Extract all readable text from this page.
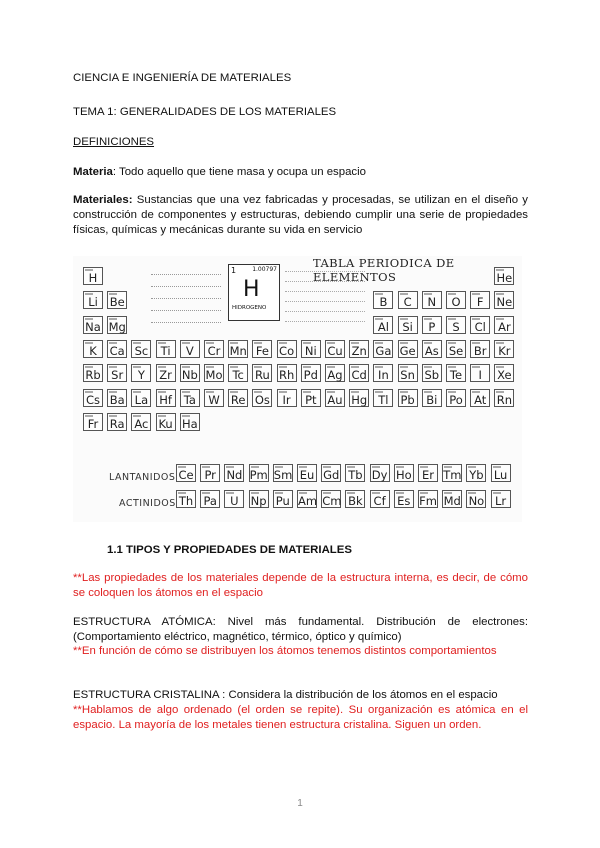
CIENCIA E INGENIERÍA DE MATERIALES

TEMA 1: GENERALIDADES DE LOS MATERIALES

DEFINICIONES

Materia: Todo aquello que tiene masa y ocupa un espacio

Materiales: Sustancias que una vez fabricadas y procesadas, se utilizan en el diseño y construcción de componentes y estructuras, debiendo cumplir una serie de propiedades físicas, químicas y mecánicas durante su vida en servicio

TABLA PERIODICA DE ELEMENTOS
1	1.00797
H
HIDROGENO
LANTANIDOS
ACTINIDOS
H	He
Li	Be	B	C	N	O	F	Ne
Na Mg	Al	Si	P	S	Cl Ar
K	Ca Sc	Ti	V	Cr Mn Fe Co Ni Cu Zn Ga Ge As Se Br Kr
Rb Sr	Y	Zr Nb Mo Tc Ru Rh Pd Ag Cd In	Sn Sb Te	I	Xe
Cs Ba La Hf Ta W Re Os	Ir	Pt Au Hg Tl	Pb	Bi	Po At Rn
Fr	Ra Ac Ku Ha
Ce Pr Nd Pm Sm Eu Gd Tb Dy Ho Er Tm Yb Lu
Th Pa	U	Np Pu Am Cm Bk Cf Es Fm Md No Lr

1.1 TIPOS Y PROPIEDADES DE MATERIALES

**Las propiedades de los materiales depende de la estructura interna, es decir, de cómo se coloquen los átomos en el espacio

ESTRUCTURA ATÓMICA: Nivel más fundamental. Distribución de electrones: (Comportamiento eléctrico, magnético, térmico, óptico y químico)

**En función de cómo se distribuyen los átomos tenemos distintos comportamientos

ESTRUCTURA CRISTALINA : Considera la distribución de los átomos en el espacio

**Hablamos de algo ordenado (el orden se repite). Su organización es atómica en el espacio. La mayoría de los metales tienen estructura cristalina. Siguen un orden.

1
